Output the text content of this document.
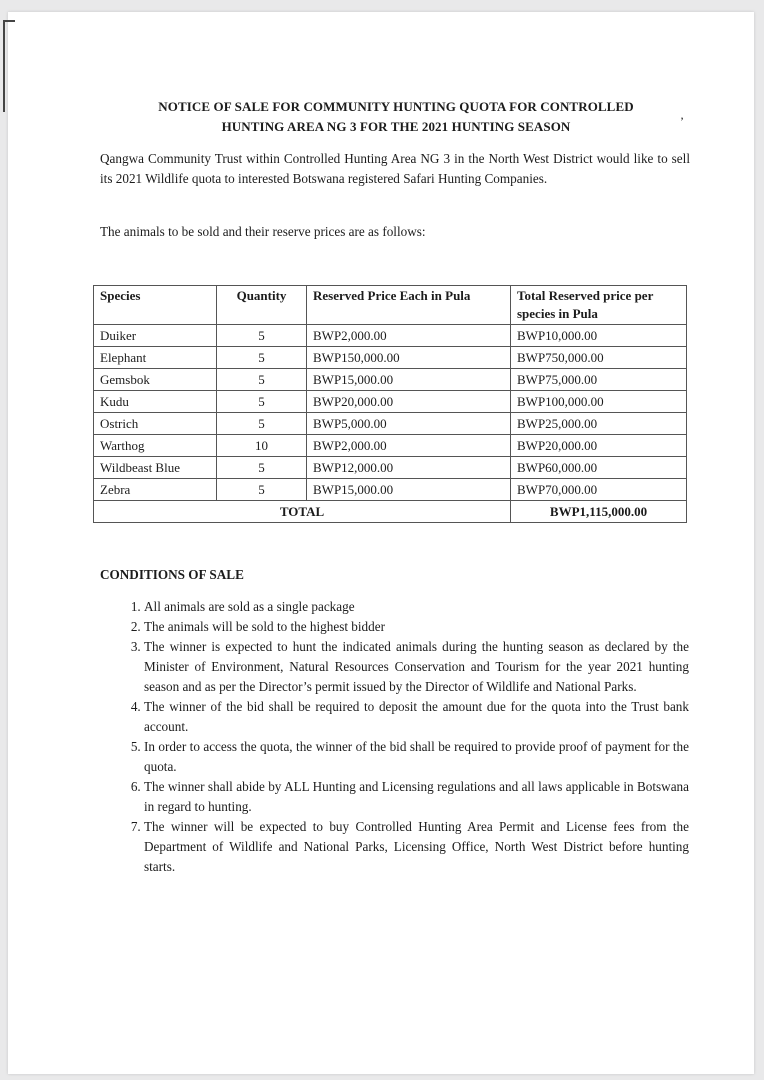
NOTICE OF SALE FOR COMMUNITY HUNTING QUOTA FOR CONTROLLED
HUNTING AREA NG 3 FOR THE 2021 HUNTING SEASON	’
Qangwa Community Trust within Controlled Hunting Area NG 3 in the North West District would like to sell its 2021 Wildlife quota to interested Botswana registered Safari Hunting Companies.
The animals to be sold and their reserve prices are as follows:
Species	Quantity	Reserved Price Each in Pula	Total Reserved price per species in Pula
Duiker	5	BWP2,000.00	BWP10,000.00
Elephant	5	BWP150,000.00	BWP750,000.00
Gemsbok	5	BWP15,000.00	BWP75,000.00
Kudu	5	BWP20,000.00	BWP100,000.00
Ostrich	5	BWP5,000.00	BWP25,000.00
Warthog	10	BWP2,000.00	BWP20,000.00
Wildbeast Blue	5	BWP12,000.00	BWP60,000.00
Zebra	5	BWP15,000.00	BWP70,000.00
TOTAL			BWP1,115,000.00
CONDITIONS OF SALE
1. All animals are sold as a single package
2. The animals will be sold to the highest bidder
3. The winner is expected to hunt the indicated animals during the hunting season as declared by the Minister of Environment, Natural Resources Conservation and Tourism for the year 2021 hunting season and as per the Director’s permit issued by the Director of Wildlife and National Parks.
4. The winner of the bid shall be required to deposit the amount due for the quota into the Trust bank account.
5. In order to access the quota, the winner of the bid shall be required to provide proof of payment for the quota.
6. The winner shall abide by ALL Hunting and Licensing regulations and all laws applicable in Botswana in regard to hunting.
7. The winner will be expected to buy Controlled Hunting Area Permit and License fees from the Department of Wildlife and National Parks, Licensing Office, North West District before hunting starts.
